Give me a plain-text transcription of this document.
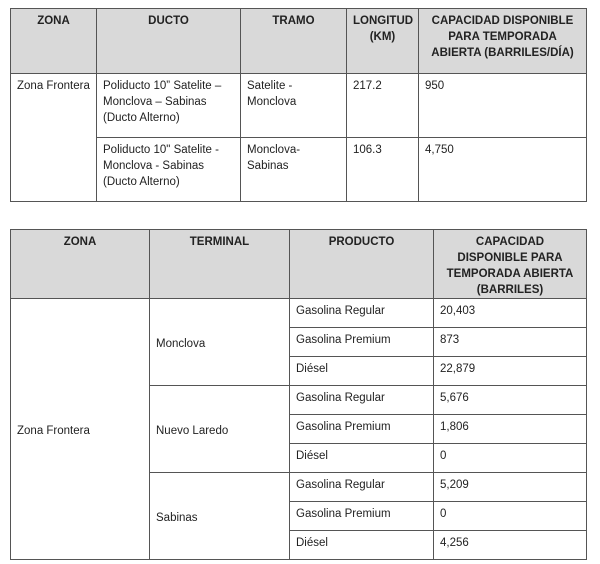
ZONA	DUCTO	TRAMO	LONGITUD (KM)	CAPACIDAD DISPONIBLE PARA TEMPORADA ABIERTA (BARRILES/DÍA)
Zona Frontera	Poliducto 10” Satelite – Monclova – Sabinas (Ducto Alterno)	Satelite - Monclova	217.2	950
	Poliducto 10" Satelite - Monclova - Sabinas (Ducto Alterno)	Monclova-Sabinas	106.3	4,750
ZONA	TERMINAL	PRODUCTO	CAPACIDAD DISPONIBLE PARA TEMPORADA ABIERTA (BARRILES)
Zona Frontera	Monclova	Gasolina Regular	20,403
		Gasolina Premium	873
		Diésel	22,879
	Nuevo Laredo	Gasolina Regular	5,676
		Gasolina Premium	1,806
		Diésel	0
	Sabinas	Gasolina Regular	5,209
		Gasolina Premium	0
		Diésel	4,256
